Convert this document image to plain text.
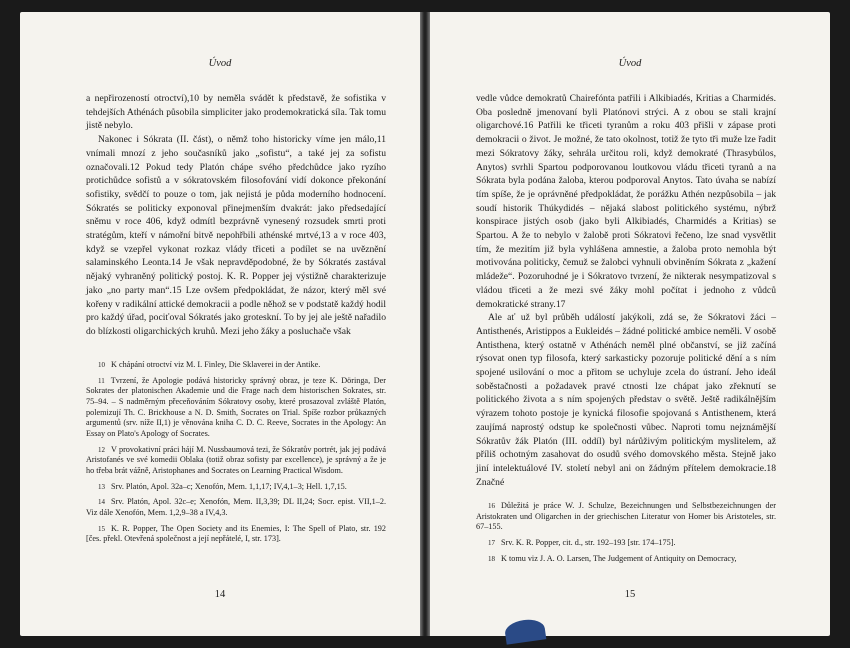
Úvod

a nepřirozeností otroctví),10 by neměla svádět k představě, že sofistika v tehdejších Athénách působila simpliciter jako prodemokratická síla. Tak tomu jistě nebylo.

Nakonec i Sókrata (II. část), o němž toho historicky víme jen málo,11 vnímali mnozí z jeho současníků jako „sofistu“, a také jej za sofistu označovali.12 Pokud tedy Platón chápe svého předchůdce jako ryzího protichůdce sofistů a v sókratovském filosofování vidí dokonce překonání sofistiky, svědčí to pouze o tom, jak nejistá je půda moderního hodnocení. Sókratés se politicky exponoval přinejmenším dvakrát: jako předsedající sněmu v roce 406, když odmítl bezprávně vynesený rozsudek smrti proti stratégům, kteří v námořní bitvě nepohřbili athénské mrtvé,13 a v roce 403, když se vzepřel vykonat rozkaz vlády třiceti a podílet se na uvěznění salaminského Leonta.14 Je však nepravděpodobné, že by Sókratés zastával nějaký vyhraněný politický postoj. K. R. Popper jej výstižně charakterizuje jako „no party man“.15 Lze ovšem předpokládat, že názor, který měl své kořeny v radikální attické demokracii a podle něhož se v podstatě každý hodil pro každý úřad, pociťoval Sókratés jako groteskní. To by jej ale ještě nařadilo do blízkosti oligarchických kruhů. Mezi jeho žáky a posluchače však

10 K chápání otroctví viz M. I. Finley, Die Sklaverei in der Antike.

11 Tvrzení, že Apologie podává historicky správný obraz, je teze K. Döringa, Der Sokrates der platonischen Akademie und die Frage nach dem historischen Sokrates, str. 75–94. – S nadměrným přeceňováním Sókratovy osoby, které prosazoval zvláště Platón, polemizují Th. C. Brickhouse a N. D. Smith, Socrates on Trial. Spíše rozbor průkazných argumentů (srv. níže II,1) je věnována kniha C. D. C. Reeve, Socrates in the Apology: An Essay on Plato's Apology of Socrates.

12 V provokativní práci hájí M. Nussbaumová tezi, že Sókratův portrét, jak jej podává Aristofanés ve své komedii Oblaka (totiž obraz sofisty par excellence), je správný a že je ho třeba brát vážně, Aristophanes and Socrates on Learning Practical Wisdom.

13 Srv. Platón, Apol. 32a–c; Xenofón, Mem. 1,1,17; IV,4,1–3; Hell. 1,7,15.

14 Srv. Platón, Apol. 32c–e; Xenofón, Mem. II,3,39; DL II,24; Socr. epist. VII,1–2. Viz dále Xenofón, Mem. 1,2,9–38 a IV,4,3.

15 K. R. Popper, The Open Society and its Enemies, I: The Spell of Plato, str. 192 [čes. překl. Otevřená společnost a její nepřátelé, I, str. 173].

14
Úvod

vedle vůdce demokratů Chairefónta patřili i Alkibiadés, Kritias a Charmidés. Oba posledně jmenovaní byli Platónovi strýci. A z obou se stali krajní oligarchové.16 Patřili ke třiceti tyranům a roku 403 přišli v zápase proti demokracii o život. Je možné, že tato okolnost, totiž že tyto tři muže lze řadit mezi Sókratovy žáky, sehrála určitou roli, když demokraté (Thrasybúlos, Anytos) svrhli Spartou podporovanou loutkovou vládu třiceti tyranů a na Sókrata byla podána žaloba, kterou podporoval Anytos. Tato úvaha se nabízí tím spíše, že je oprávněné předpokládat, že porážku Athén nezpůsobila – jak soudí historik Thúkydidés – nějaká slabost politického systému, nýbrž konspirace jistých osob (jako byli Alkibiadés, Charmidés a Kritias) se Spartou. A že to nebylo v žalobě proti Sókratovi řečeno, lze snad vysvětlit tím, že mezitím již byla vyhlášena amnestie, a žaloba proto nemohla být motivována politicky, čemuž se žalobci vyhnuli obviněním Sókrata z „kažení mládeže“. Pozoruhodné je i Sókratovo tvrzení, že nikterak nesympatizoval s vládou třiceti a že mezi své žáky mohl počítat i jednoho z vůdců demokratické strany.17

Ale ať už byl průběh událostí jakýkoli, zdá se, že Sókratovi žáci – Antisthenés, Aristippos a Eukleidés – žádné politické ambice neměli. V osobě Antisthena, který ostatně v Athénách neměl plné občanství, se již začíná rýsovat onen typ filosofa, který sarkasticky pozoruje politické dění a s ním spojené usilování o moc a přitom se uchyluje zcela do ústraní. Jeho ideál soběstačnosti a požadavek pravé ctnosti lze chápat jako zřeknutí se politického života a s ním spojených představ o světě. Ještě radikálnějším výrazem tohoto postoje je kynická filosofie spojovaná s Antisthenem, která zaujímá naprostý odstup ke společnosti vůbec. Naproti tomu nejznámější Sókratův žák Platón (III. oddíl) byl nárůživým politickým myslitelem, až příliš ochotným zasahovat do osudů svého domovského města. Stejně jako jiní intelektuálové IV. století nebyl ani on žádným přítelem demokracie.18 Značné

16 Důležitá je práce W. J. Schulze, Bezeichnungen und Selbstbezeichnungen der Aristokraten und Oligarchen in der griechischen Literatur von Homer bis Aristoteles, str. 67–155.

17 Srv. K. R. Popper, cit. d., str. 192–193 [str. 174–175].

18 K tomu viz J. A. O. Larsen, The Judgement of Antiquity on Democracy,

15
